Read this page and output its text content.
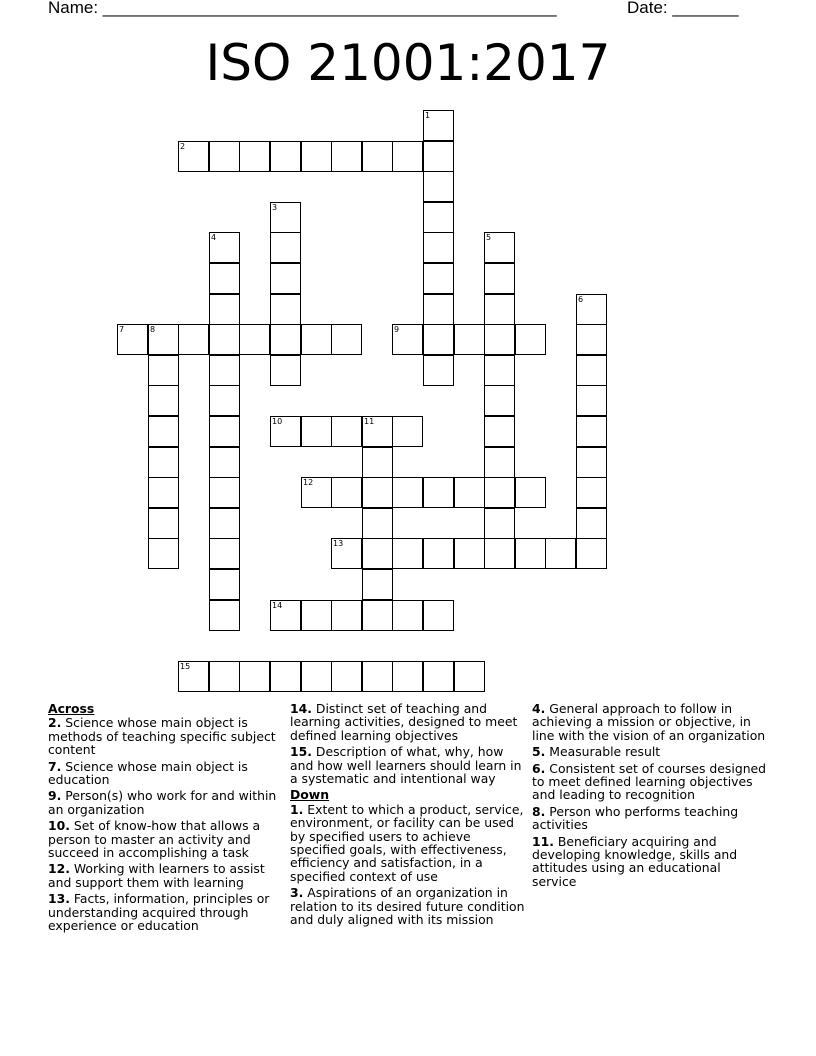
Name: ________________________________________________	Date: _______
ISO 21001:2017
1
2
3
4	5
6
7	8	9
10	11
12
13
14
15
Across
2. Science whose main object is methods of teaching specific subject content
7. Science whose main object is education
9. Person(s) who work for and within an organization
10. Set of know-how that allows a person to master an activity and succeed in accomplishing a task
12. Working with learners to assist and support them with learning
13. Facts, information, principles or understanding acquired through experience or education
14. Distinct set of teaching and learning activities, designed to meet defined learning objectives
15. Description of what, why, how and how well learners should learn in a systematic and intentional way
Down
1. Extent to which a product, service, environment, or facility can be used by specified users to achieve specified goals, with effectiveness, efficiency and satisfaction, in a specified context of use
3. Aspirations of an organization in relation to its desired future condition and duly aligned with its mission
4. General approach to follow in achieving a mission or objective, in line with the vision of an organization
5. Measurable result
6. Consistent set of courses designed to meet defined learning objectives and leading to recognition
8. Person who performs teaching activities
11. Beneficiary acquiring and developing knowledge, skills and attitudes using an educational service
